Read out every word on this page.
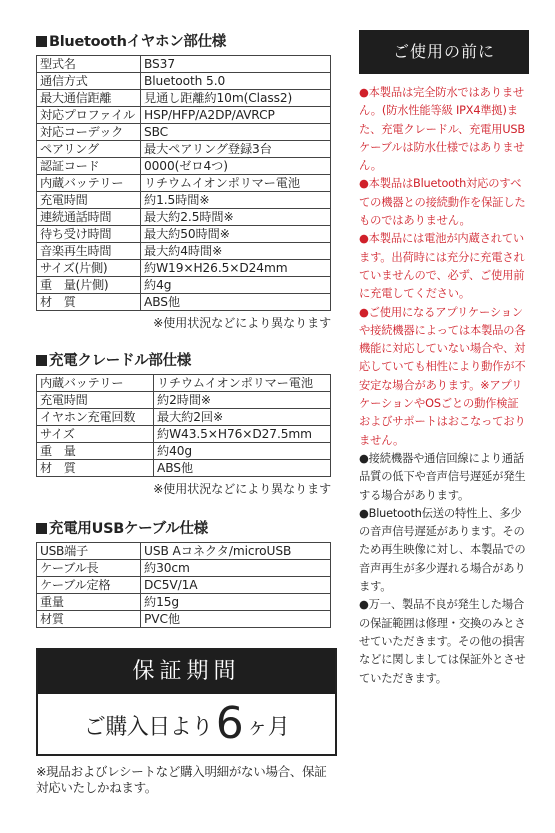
Bluetoothイヤホン部仕様
型式名	BS37
通信方式	Bluetooth 5.0
最大通信距離	見通し距離約10m(Class2)
対応プロファイル	HSP/HFP/A2DP/AVRCP
対応コーデック	SBC
ペアリング	最大ペアリング登録3台
認証コード	0000(ゼロ4つ)
内蔵バッテリー	リチウムイオンポリマー電池
充電時間	約1.5時間※
連続通話時間	最大約2.5時間※
待ち受け時間	最大約50時間※
音楽再生時間	最大約4時間※
サイズ(片側)	約W19×H26.5×D24mm
重　量(片側)	約4g
材　質	ABS他
※使用状況などにより異なります
充電クレードル部仕様
内蔵バッテリー	リチウムイオンポリマー電池
充電時間	約2時間※
イヤホン充電回数	最大約2回※
サイズ	約W43.5×H76×D27.5mm
重　量	約40g
材　質	ABS他
※使用状況などにより異なります
充電用USBケーブル仕様
USB端子	USB Aコネクタ/microUSB
ケーブル長	約30cm
ケーブル定格	DC5V/1A
重量	約15g
材質	PVC他
保証期間
ご購入日より6 ヶ月
※現品およびレシートなど購入明細がない場合、保証対応いたしかねます。
ご使用の前に
●本製品は完全防水ではありません。(防水性能等級 IPX4準拠)また、充電クレードル、充電用USBケーブルは防水仕様ではありません。
●本製品はBluetooth対応のすべての機器との接続動作を保証したものではありません。
●本製品には電池が内蔵されています。出荷時には充分に充電されていませんので、必ず、ご使用前に充電してください。
●ご使用になるアプリケーションや接続機器によっては本製品の各機能に対応していない場合や、対応していても相性により動作が不安定な場合があります。※アプリケーションやOSごとの動作検証およびサポートはおこなっておりません。
●接続機器や通信回線により通話品質の低下や音声信号遅延が発生する場合があります。
●Bluetooth伝送の特性上、多少の音声信号遅延があります。そのため再生映像に対し、本製品での音声再生が多少遅れる場合があります。
●万一、製品不良が発生した場合の保証範囲は修理・交換のみとさせていただきます。その他の損害などに関しましては保証外とさせていただきます。
